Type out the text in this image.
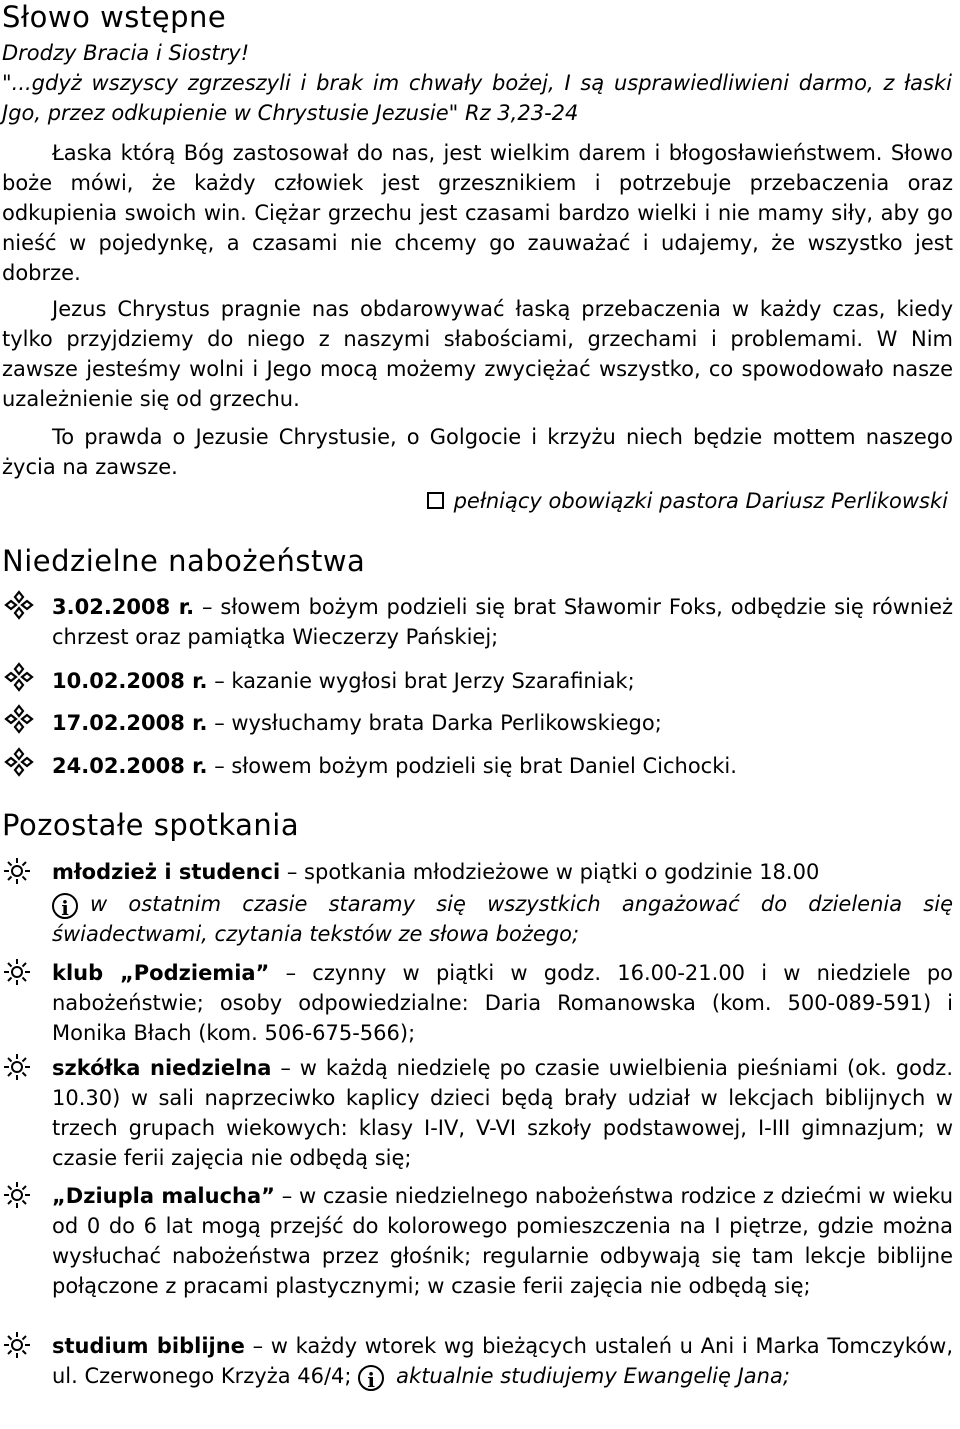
Słowo wstępne

Drodzy Bracia i Siostry!

"...gdyż wszyscy zgrzeszyli i brak im chwały bożej, I są usprawiedliwieni darmo, z łaski Jgo, przez odkupienie w Chrystusie Jezusie" Rz 3,23-24

Łaska którą Bóg zastosował do nas, jest wielkim darem i błogosławieństwem. Słowo boże mówi, że każdy człowiek jest grzesznikiem i potrzebuje przebaczenia oraz odkupienia swoich win. Ciężar grzechu jest czasami bardzo wielki i nie mamy siły, aby go nieść w pojedynkę, a czasami nie chcemy go zauważać i udajemy, że wszystko jest dobrze.

Jezus Chrystus pragnie nas obdarowywać łaską przebaczenia w każdy czas, kiedy tylko przyjdziemy do niego z naszymi słabościami, grzechami i problemami. W Nim zawsze jesteśmy wolni i Jego mocą możemy zwyciężać wszystko, co spowodowało nasze uzależnienie się od grzechu.

To prawda o Jezusie Chrystusie, o Golgocie i krzyżu niech będzie mottem naszego życia na zawsze.

pełniący obowiązki pastora Dariusz Perlikowski
Niedzielne nabożeństwa

3.02.2008 r. – słowem bożym podzieli się brat Sławomir Foks, odbędzie się również chrzest oraz pamiątka Wieczerzy Pańskiej;

10.02.2008 r. – kazanie wygłosi brat Jerzy Szarafiniak;

17.02.2008 r. – wysłuchamy brata Darka Perlikowskiego;

24.02.2008 r. – słowem bożym podzieli się brat Daniel Cichocki.

Pozostałe spotkania

młodzież i studenci – spotkania młodzieżowe w piątki o godzinie 18.00

i w ostatnim czasie staramy się wszystkich angażować do dzielenia się świadectwami, czytania tekstów ze słowa bożego;

klub „Podziemia” – czynny w piątki w godz. 16.00-21.00 i w niedziele po nabożeństwie; osoby odpowiedzialne: Daria Romanowska (kom. 500-089-591) i Monika Błach (kom. 506-675-566);

szkółka niedzielna – w każdą niedzielę po czasie uwielbienia pieśniami (ok. godz. 10.30) w sali naprzeciwko kaplicy dzieci będą brały udział w lekcjach biblijnych w trzech grupach wiekowych: klasy I-IV, V-VI szkoły podstawowej, I-III gimnazjum; w czasie ferii zajęcia nie odbędą się;

„Dziupla malucha” – w czasie niedzielnego nabożeństwa rodzice z dziećmi w wieku od 0 do 6 lat mogą przejść do kolorowego pomieszczenia na I piętrze, gdzie można wysłuchać nabożeństwa przez głośnik; regularnie odbywają się tam lekcje biblijne połączone z pracami plastycznymi; w czasie ferii zajęcia nie odbędą się;

studium biblijne – w każdy wtorek wg bieżących ustaleń u Ani i Marka Tomczyków, ul. Czerwonego Krzyża 46/4; i aktualnie studiujemy Ewangelię Jana;
